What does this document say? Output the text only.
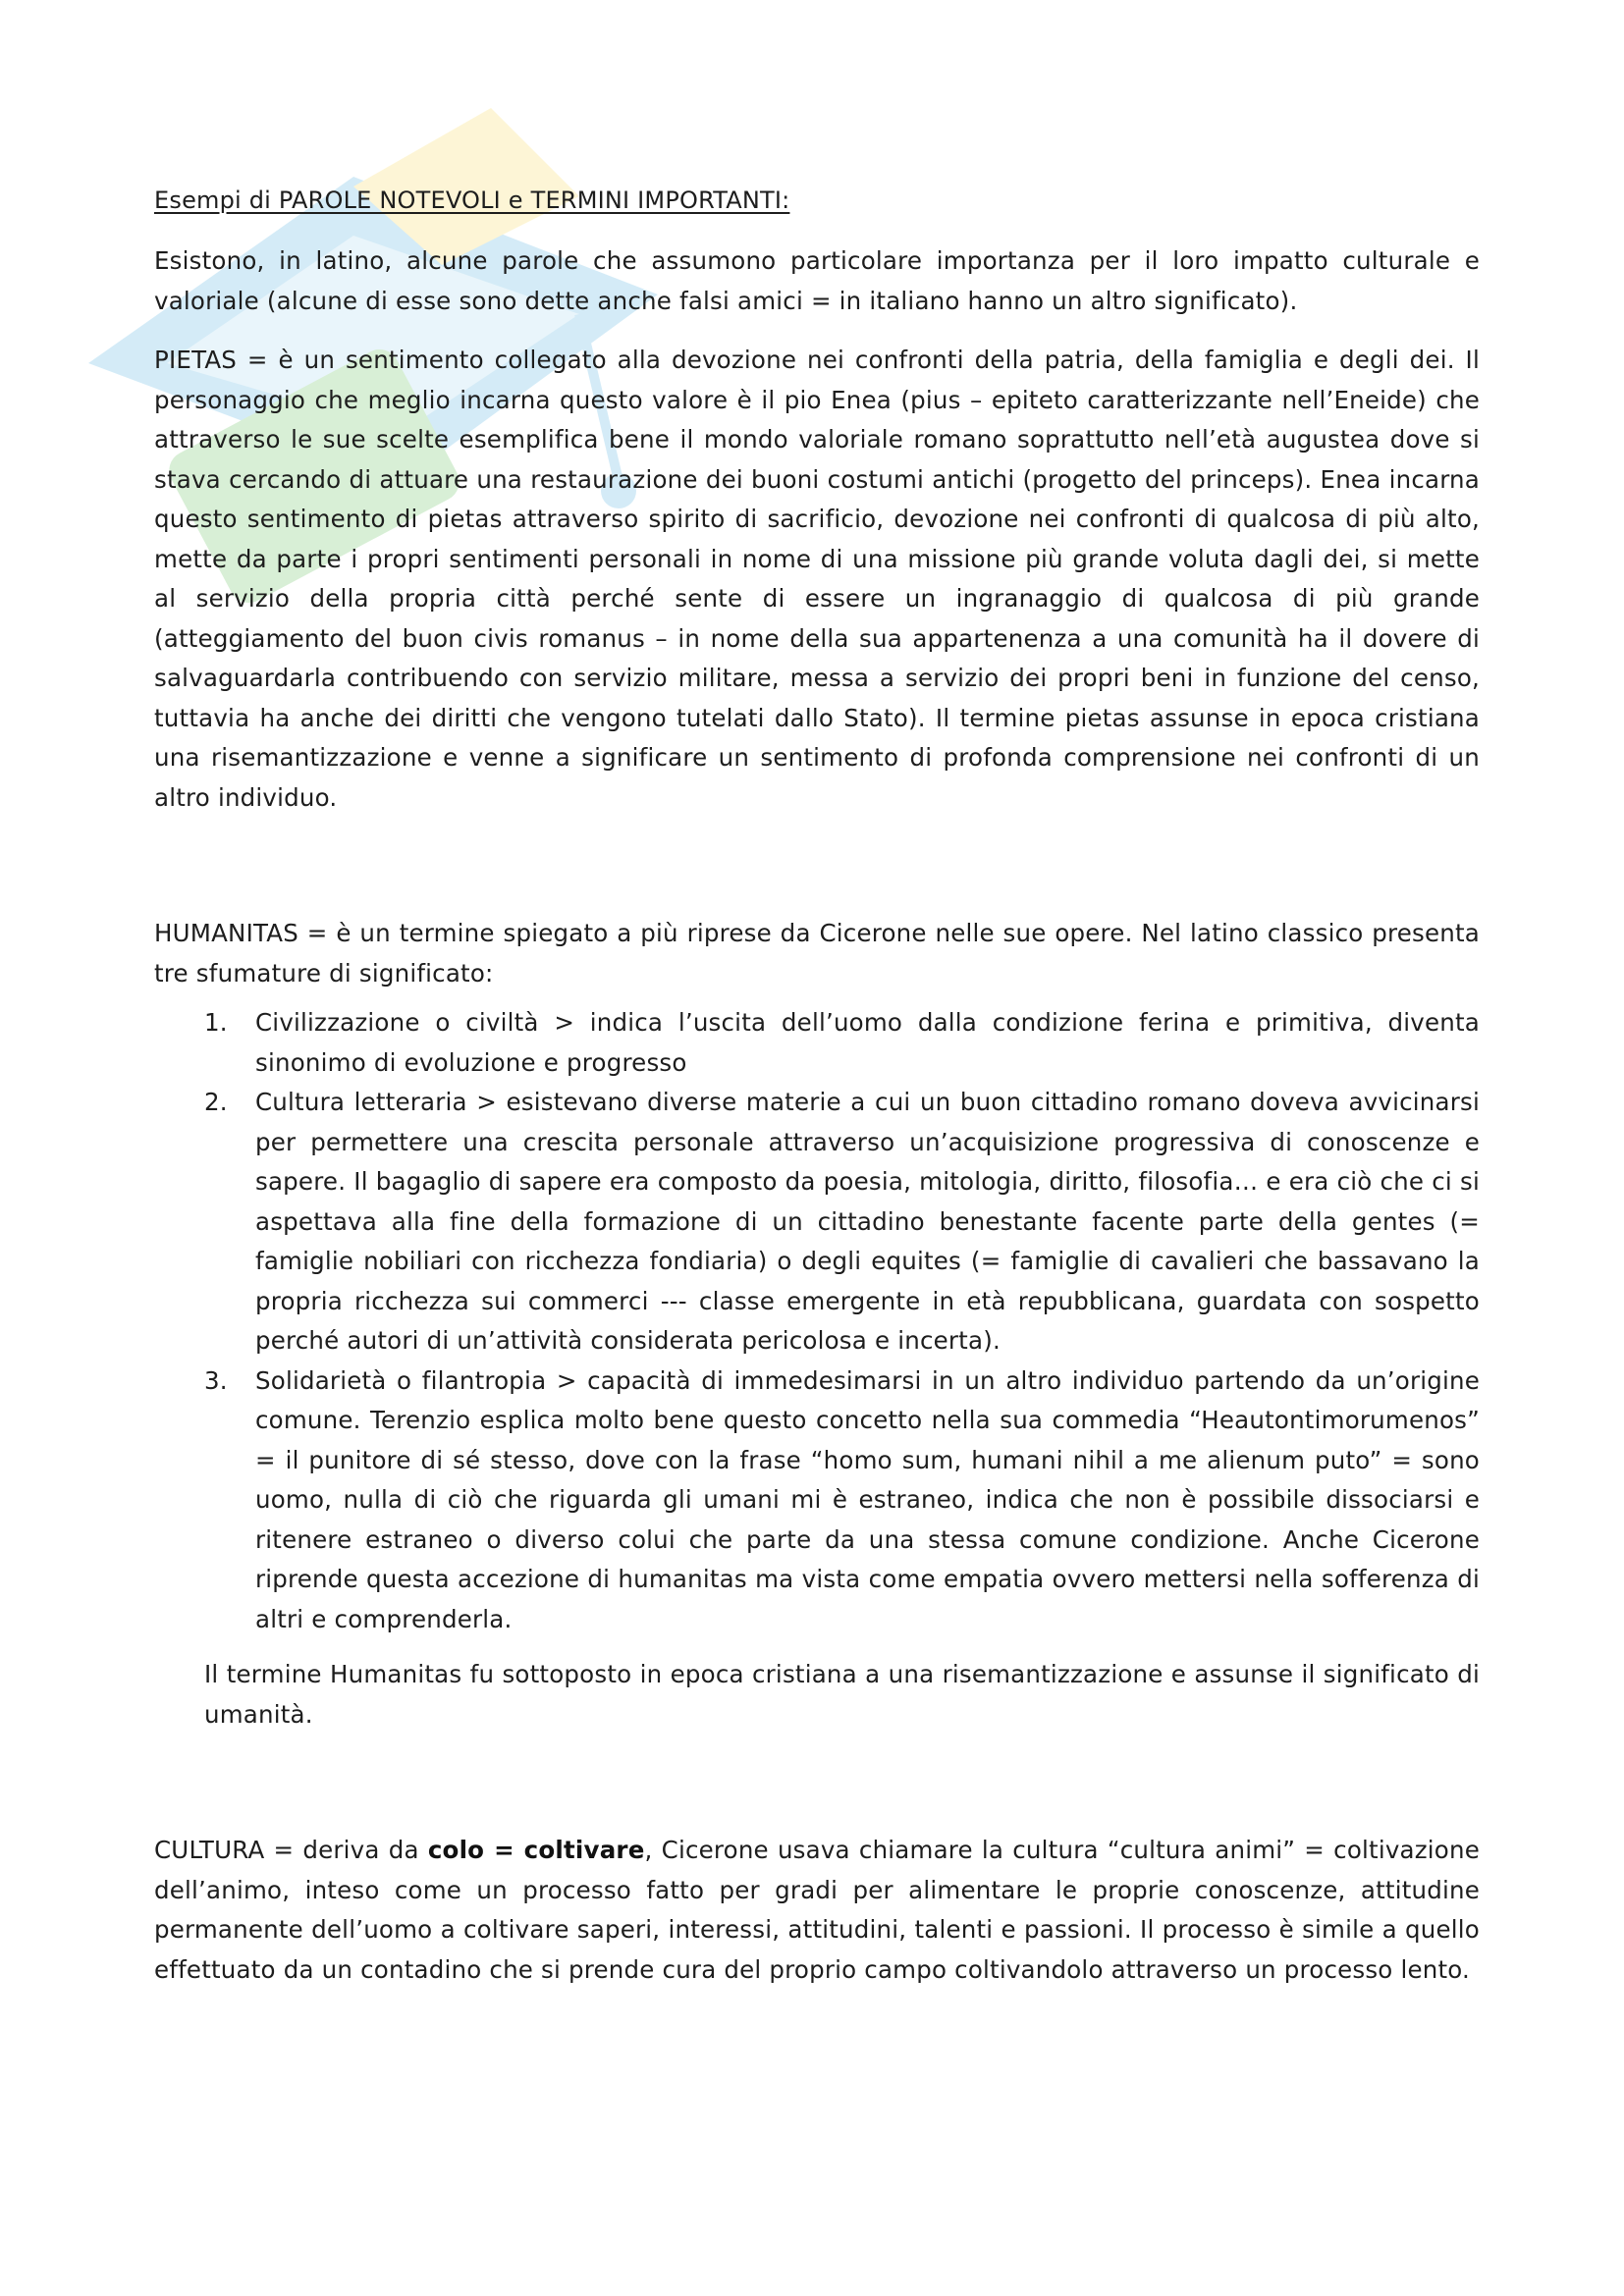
Esempi di PAROLE NOTEVOLI e TERMINI IMPORTANTI:

Esistono, in latino, alcune parole che assumono particolare importanza per il loro impatto culturale e valoriale (alcune di esse sono dette anche falsi amici = in italiano hanno un altro significato).

PIETAS = è un sentimento collegato alla devozione nei confronti della patria, della famiglia e degli dei. Il personaggio che meglio incarna questo valore è il pio Enea (pius – epiteto caratterizzante nell’Eneide) che attraverso le sue scelte esemplifica bene il mondo valoriale romano soprattutto nell’età augustea dove si stava cercando di attuare una restaurazione dei buoni costumi antichi (progetto del princeps). Enea incarna questo sentimento di pietas attraverso spirito di sacrificio, devozione nei confronti di qualcosa di più alto, mette da parte i propri sentimenti personali in nome di una missione più grande voluta dagli dei, si mette al servizio della propria città perché sente di essere un ingranaggio di qualcosa di più grande (atteggiamento del buon civis romanus – in nome della sua appartenenza a una comunità ha il dovere di salvaguardarla contribuendo con servizio militare, messa a servizio dei propri beni in funzione del censo, tuttavia ha anche dei diritti che vengono tutelati dallo Stato). Il termine pietas assunse in epoca cristiana una risemantizzazione e venne a significare un sentimento di profonda comprensione nei confronti di un altro individuo.

HUMANITAS = è un termine spiegato a più riprese da Cicerone nelle sue opere. Nel latino classico presenta tre sfumature di significato:

1. Civilizzazione o civiltà > indica l’uscita dell’uomo dalla condizione ferina e primitiva, diventa sinonimo di evoluzione e progresso
2. Cultura letteraria > esistevano diverse materie a cui un buon cittadino romano doveva avvicinarsi per permettere una crescita personale attraverso un’acquisizione progressiva di conoscenze e sapere. Il bagaglio di sapere era composto da poesia, mitologia, diritto, filosofia… e era ciò che ci si aspettava alla fine della formazione di un cittadino benestante facente parte della gentes (= famiglie nobiliari con ricchezza fondiaria) o degli equites (= famiglie di cavalieri che bassavano la propria ricchezza sui commerci --- classe emergente in età repubblicana, guardata con sospetto perché autori di un’attività considerata pericolosa e incerta).
3. Solidarietà o filantropia > capacità di immedesimarsi in un altro individuo partendo da un’origine comune. Terenzio esplica molto bene questo concetto nella sua commedia “Heautontimorumenos” = il punitore di sé stesso, dove con la frase “homo sum, humani nihil a me alienum puto” = sono uomo, nulla di ciò che riguarda gli umani mi è estraneo, indica che non è possibile dissociarsi e ritenere estraneo o diverso colui che parte da una stessa comune condizione. Anche Cicerone riprende questa accezione di humanitas ma vista come empatia ovvero mettersi nella sofferenza di altri e comprenderla.

Il termine Humanitas fu sottoposto in epoca cristiana a una risemantizzazione e assunse il significato di umanità.

CULTURA = deriva da colo = coltivare, Cicerone usava chiamare la cultura “cultura animi” = coltivazione dell’animo, inteso come un processo fatto per gradi per alimentare le proprie conoscenze, attitudine permanente dell’uomo a coltivare saperi, interessi, attitudini, talenti e passioni. Il processo è simile a quello effettuato da un contadino che si prende cura del proprio campo coltivandolo attraverso un processo lento.
